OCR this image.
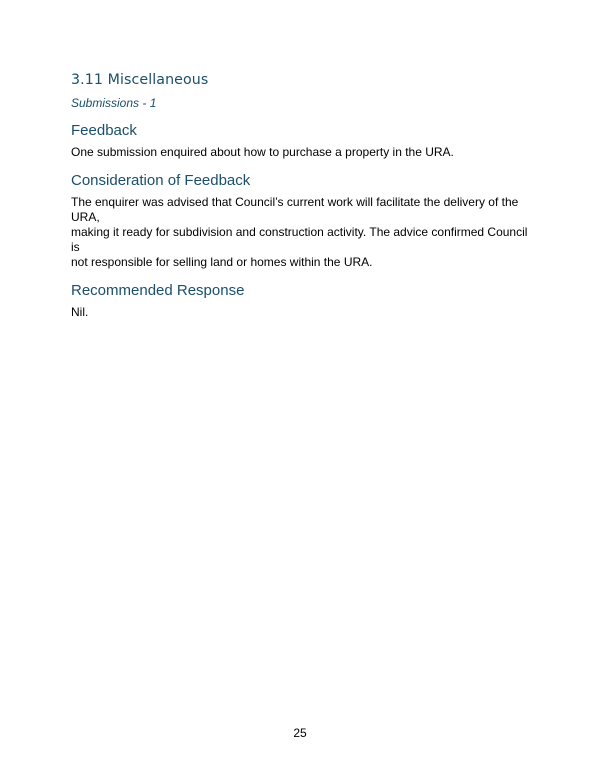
3.11 Miscellaneous
Submissions - 1
Feedback

One submission enquired about how to purchase a property in the URA.

Consideration of Feedback

The enquirer was advised that Council’s current work will facilitate the delivery of the URA,
making it ready for subdivision and construction activity. The advice confirmed Council is
not responsible for selling land or homes within the URA.

Recommended Response

Nil.

25
